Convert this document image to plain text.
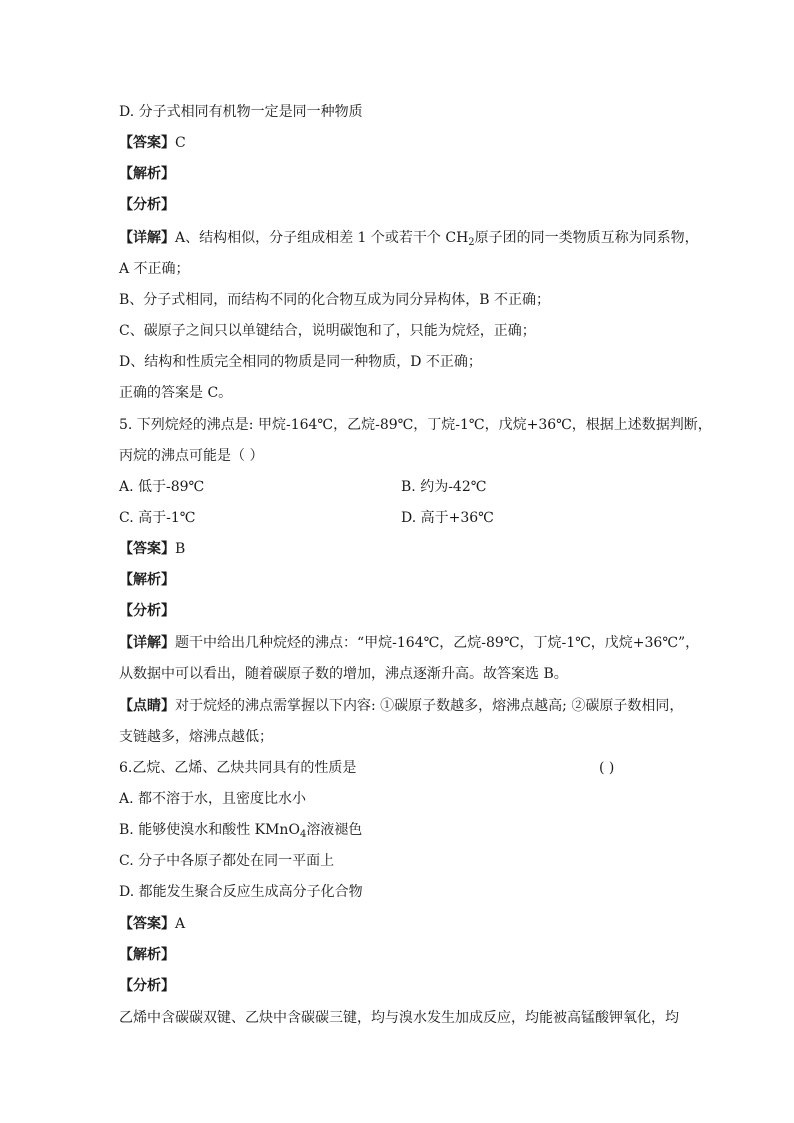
D. 分子式相同有机物一定是同一种物质
【答案】C
【解析】
【分析】
【详解】A、结构相似，分子组成相差 1 个或若干个 $CH_2$原子团的同一类物质互称为同系物，
A 不正确；
B、分子式相同，而结构不同的化合物互成为同分异构体，B 不正确；
C、碳原子之间只以单键结合，说明碳饱和了，只能为烷烃，正确；
D、结构和性质完全相同的物质是同一种物质，D 不正确；
正确的答案是 C。
5. 下列烷烃的沸点是: 甲烷-164℃，乙烷-89℃，丁烷-1℃，戊烷+36℃，根据上述数据判断，
丙烷的沸点可能是（ ）
A. 低于-89℃	B. 约为-42℃
C. 高于-1℃	D. 高于+36℃
【答案】B
【解析】
【分析】
【详解】题干中给出几种烷烃的沸点：“甲烷-164℃，乙烷-89℃，丁烷-1℃，戊烷+36℃”，
从数据中可以看出，随着碳原子数的增加，沸点逐渐升高。故答案选 B。
【点睛】对于烷烃的沸点需掌握以下内容: ①碳原子数越多，熔沸点越高; ②碳原子数相同，
支链越多，熔沸点越低；
6.乙烷、乙烯、乙炔共同具有的性质是	( )
A. 都不溶于水，且密度比水小
B. 能够使溴水和酸性 KMnO$_4$溶液褪色
C. 分子中各原子都处在同一平面上
D. 都能发生聚合反应生成高分子化合物
【答案】A
【解析】
【分析】
乙烯中含碳碳双键、乙炔中含碳碳三键，均与溴水发生加成反应，均能被高锰酸钾氧化，均
